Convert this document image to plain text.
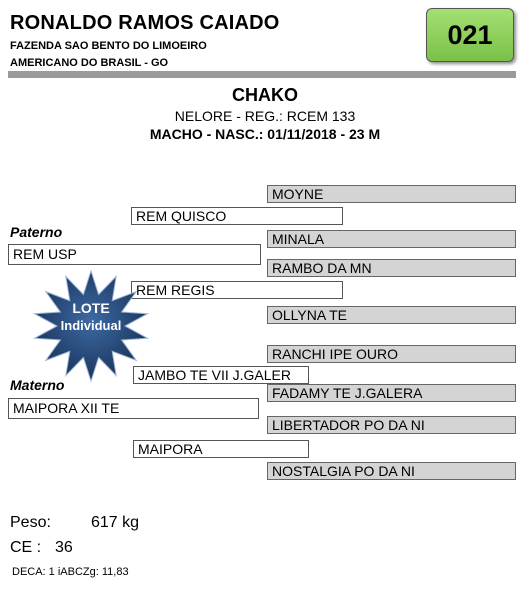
RONALDO RAMOS CAIADO
FAZENDA SAO BENTO DO LIMOEIRO
AMERICANO DO BRASIL - GO
021
CHAKO
NELORE - REG.: RCEM 133
MACHO - NASC.: 01/11/2018 - 23 M
MOYNE
MINALA
RAMBO DA MN
OLLYNA TE
RANCHI IPE OURO
FADAMY TE J.GALERA
LIBERTADOR PO DA NI
NOSTALGIA PO DA NI
REM QUISCO
REM REGIS
JAMBO TE VII J.GALER
MAIPORA
Paterno
REM USP
Materno
MAIPORA XII TE
LOTE
Individual
Peso:	617 kg
CE : 36
DECA: 1 iABCZg: 11,83
